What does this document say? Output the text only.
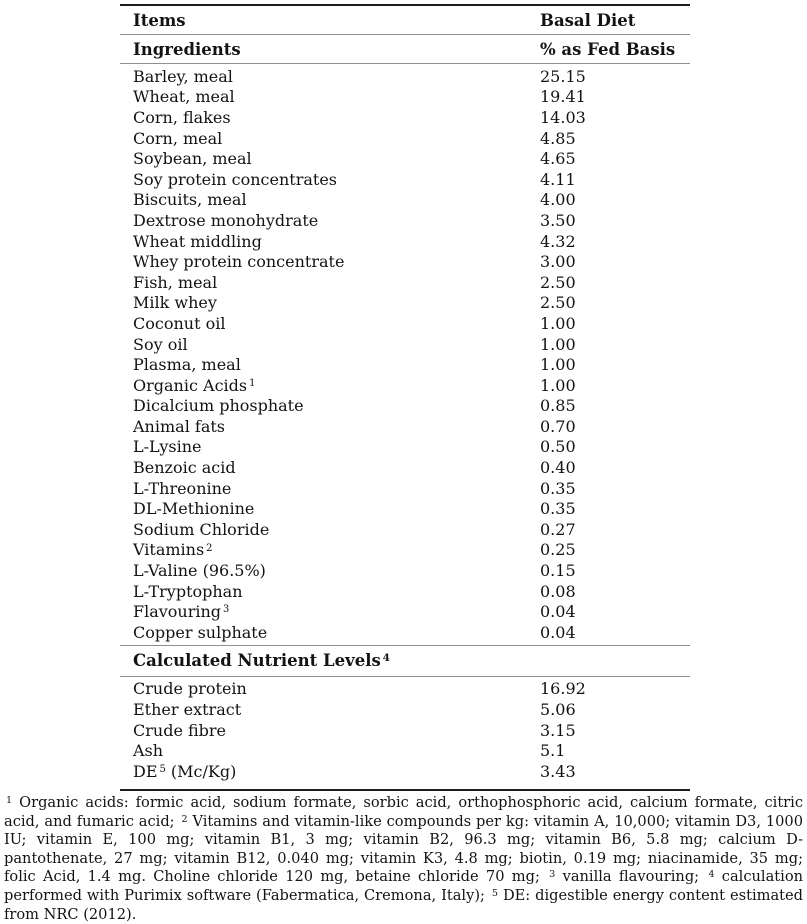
Items	Basal Diet
Ingredients	% as Fed Basis
Barley, meal	25.15
Wheat, meal	19.41
Corn, flakes	14.03
Corn, meal	4.85
Soybean, meal	4.65
Soy protein concentrates	4.11
Biscuits, meal	4.00
Dextrose monohydrate	3.50
Wheat middling	4.32
Whey protein concentrate	3.00
Fish, meal	2.50
Milk whey	2.50
Coconut oil	1.00
Soy oil	1.00
Plasma, meal	1.00
Organic Acids $^1$	1.00
Dicalcium phosphate	0.85
Animal fats	0.70
L-Lysine	0.50
Benzoic acid	0.40
L-Threonine	0.35
DL-Methionine	0.35
Sodium Chloride	0.27
Vitamins $^2$	0.25
L-Valine (96.5%)	0.15
L-Tryptophan	0.08
Flavouring $^3$	0.04
Copper sulphate	0.04
Calculated Nutrient Levels $^4$
Crude protein	16.92
Ether extract	5.06
Crude fibre	3.15
Ash	5.1
DE $^5$ (Mc/Kg)	3.43

$^1$ Organic acids: formic acid, sodium formate, sorbic acid, orthophosphoric acid, calcium formate, citric acid, and fumaric acid; $^2$ Vitamins and vitamin-like compounds per kg: vitamin A, 10,000; vitamin D3, 1000 IU; vitamin E, 100 mg; vitamin B1, 3 mg; vitamin B2, 96.3 mg; vitamin B6, 5.8 mg; calcium D-pantothenate, 27 mg; vitamin B12, 0.040 mg; vitamin K3, 4.8 mg; biotin, 0.19 mg; niacinamide, 35 mg; folic Acid, 1.4 mg. Choline chloride 120 mg, betaine chloride 70 mg; $^3$ vanilla flavouring; $^4$ calculation performed with Purimix software (Fabermatica, Cremona, Italy); $^5$ DE: digestible energy content estimated from NRC (2012).
